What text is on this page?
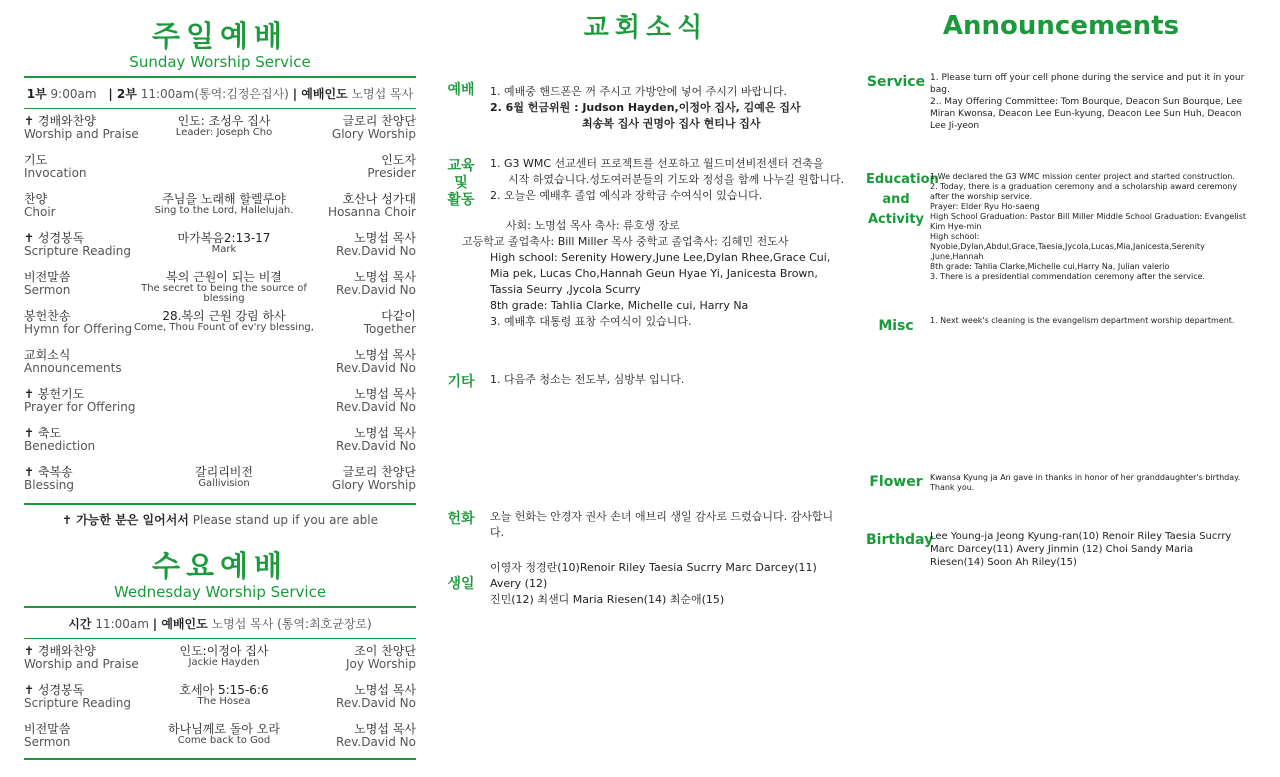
주일예배
Sunday Worship Service
1부 9:00am | 2부 11:00am(통역:김정은집사) | 예배인도 노명섭 목사
✝ 경배와찬양
Worship and Praise
인도: 조성우 집사
Leader: Joseph Cho
글로리 찬양단
Glory Worship
기도
Invocation
인도자
Presider
찬양
Choir
주님을 노래해 할렐루야
Sing to the Lord, Hallelujah.
호산나 성가대
Hosanna Choir
✝ 성경봉독
Scripture Reading
마가복음2:13-17
Mark
노명섭 목사
Rev.David No
비전말씀
Sermon
복의 근원이 되는 비결
The secret to being the source of blessing
노명섭 목사
Rev.David No
봉헌찬송
Hymn for Offering
28.복의 근원 강림 하사
Come, Thou Fount of ev'ry blessing,
다같이
Together
교회소식
Announcements
노명섭 목사
Rev.David No
✝ 봉헌기도
Prayer for Offering
노명섭 목사
Rev.David No
✝ 축도
Benediction
노명섭 목사
Rev.David No
✝ 축복송
Blessing
갈리리비전
Gallivision
글로리 찬양단
Glory Worship
✝ 가능한 분은 일어서서 Please stand up if you are able
수요예배
Wednesday Worship Service
시간 11:00am | 예배인도 노명섭 목사 (통역:최호균장로)
✝ 경배와찬양
Worship and Praise
인도:이정아 집사
Jackie Hayden
조이 찬양단
Joy Worship
✝ 성경봉독
Scripture Reading
호세아 5:15-6:6
The Hosea
노명섭 목사
Rev.David No
비전말씀
Sermon
하나님께로 돌아 오라
Come back to God
노명섭 목사
Rev.David No
교회소식
예배 1. 예배중 핸드폰은 꺼 주시고 가방안에 넣어 주시기 바랍니다.
2. 6월 헌금위원 : Judson Hayden,이정아 집사, 김예은 집사
최송복 집사 권명아 집사 현티나 집사
교육
및
활동
1. G3 WMC 선교센터 프로젝트를 선포하고 월드미션비전센터 건축을
시작 하였습니다.성도여러분들의 기도와 정성을 함께 나누길 원합니다.
2. 오늘은 예배후 졸업 예식과 장학금 수여식이 있습니다.
사회: 노명섭 목사 축사: 류호생 장로
고등학교 졸업축사: Bill Miller 목사 중학교 졸업축사: 김혜민 전도사
High school: Serenity Howery,June Lee,Dylan Rhee,Grace Cui,
Mia pek, Lucas Cho,Hannah Geun Hyae Yi, Janicesta Brown,
Tassia Seurry ,Jycola Scurry
8th grade: Tahlia Clarke, Michelle cui, Harry Na
3. 예배후 대통령 표창 수여식이 있습니다.
기타 1. 다음주 청소는 전도부, 심방부 입니다.
헌화 오늘 헌화는 안경자 권사 손녀 애브리 생일 감사로 드렸습니다. 감사합니다.
생일
이영자 정경란(10)Renoir Riley Taesia Sucrry Marc Darcey(11) Avery (12)
진민(12) 최샌디 Maria Riesen(14) 최순애(15)
Announcements
Service 1. Please turn off your cell phone during the service and put it in your bag.
2.. May Offering Committee: Tom Bourque, Deacon Sun Bourque, Lee Miran Kwonsa, Deacon Lee Eun-kyung, Deacon Lee Sun Huh, Deacon Lee Ji-yeon
Education
and
Activity
1.We declared the G3 WMC mission center project and started construction.
2. Today, there is a graduation ceremony and a scholarship award ceremony after the worship service.
Prayer: Elder Ryu Ho-saeng
High School Graduation: Pastor Bill Miller Middle School Graduation: Evangelist Kim Hye-min
High school:
Nyobie,Dylan,Abdul,Grace,Taesia,Jycola,Lucas,Mia,Janicesta,Serenity ,June,Hannah
8th grade: Tahlia Clarke,Michelle cui,Harry Na, Julian valerio
3. There is a presidential commendation ceremony after the service.
Misc	1. Next week's cleaning is the evangelism department worship department.
Flower Kwansa Kyung ja An gave in thanks in honor of her granddaughter's birthday. Thank you.
Birthday
Lee Young-ja Jeong Kyung-ran(10) Renoir Riley Taesia Sucrry Marc Darcey(11) Avery Jinmin (12) Choi Sandy Maria Riesen(14) Soon Ah Riley(15)
